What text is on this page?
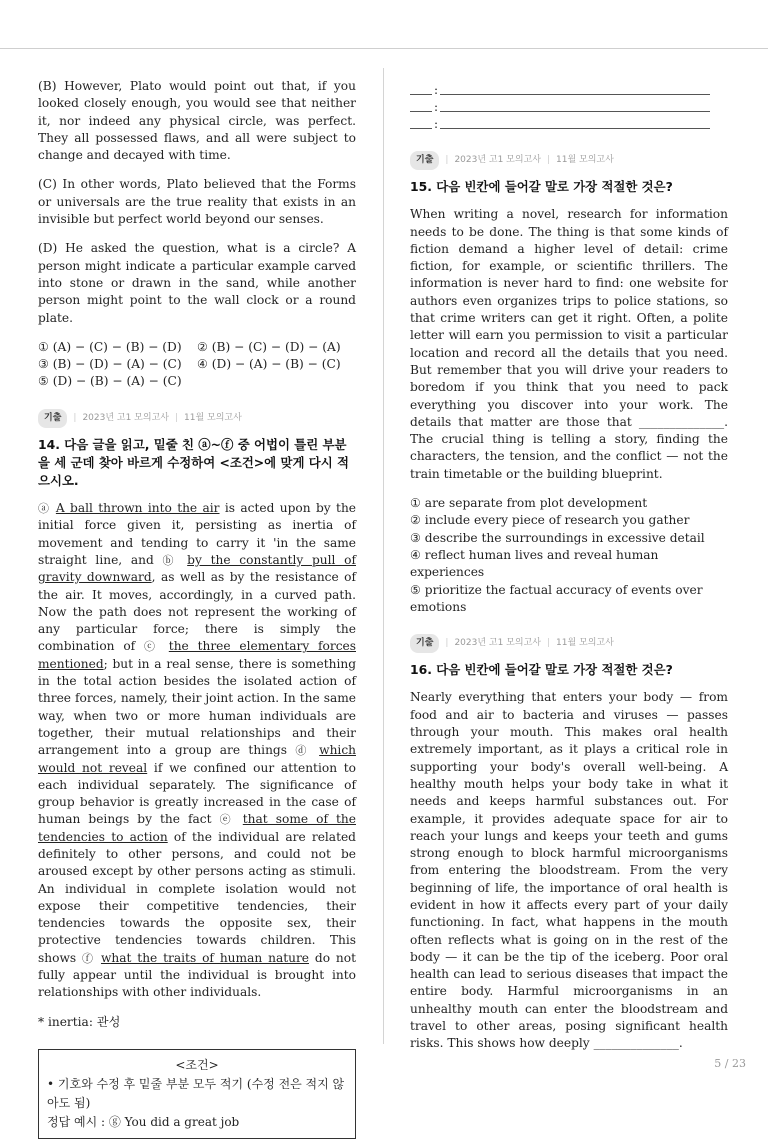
(B) However, Plato would point out that, if you looked closely enough, you would see that neither it, nor indeed any physical circle, was perfect. They all possessed flaws, and all were subject to change and decayed with time.

(C) In other words, Plato believed that the Forms or universals are the true reality that exists in an invisible but perfect world beyond our senses.

(D) He asked the question, what is a circle? A person might indicate a particular example carved into stone or drawn in the sand, while another person might point to the wall clock or a round plate.

① (A) − (C) − (B) − (D)	② (B) − (C) − (D) − (A)
③ (B) − (D) − (A) − (C)	④ (D) − (A) − (B) − (C)
⑤ (D) − (B) − (A) − (C)
기출	| 2023년 고1 모의고사 | 11월 모의고사
14. 다음 글을 읽고, 밑줄 친 ⓐ~ⓕ 중 어법이 틀린 부분을 세 군데 찾아 바르게 수정하여 <조건>에 맞게 다시 적으시오.

ⓐ A ball thrown into the air is acted upon by the initial force given it, persisting as inertia of movement and tending to carry it 'in the same straight line, and ⓑ by the constantly pull of gravity downward, as well as by the resistance of the air. It moves, accordingly, in a curved path. Now the path does not represent the working of any particular force; there is simply the combination of ⓒ the three elementary forces mentioned; but in a real sense, there is something in the total action besides the isolated action of three forces, namely, their joint action. In the same way, when two or more human individuals are together, their mutual relationships and their arrangement into a group are things ⓓ which would not reveal if we confined our attention to each individual separately. The significance of group behavior is greatly increased in the case of human beings by the fact ⓔ that some of the tendencies to action of the individual are related definitely to other persons, and could not be aroused except by other persons acting as stimuli. An individual in complete isolation would not expose their competitive tendencies, their tendencies towards the opposite sex, their protective tendencies towards children. This shows ⓕ what the traits of human nature do not fully appear until the individual is brought into relationships with other individuals.

* inertia: 관성
<조건>
• 기호와 수정 후 밑줄 부분 모두 적기 (수정 전은 적지 않아도 됨)
정답 예시 : ⓖ You did a great job
:
:
:
기출	| 2023년 고1 모의고사 | 11월 모의고사
15. 다음 빈칸에 들어갈 말로 가장 적절한 것은?

When writing a novel, research for information needs to be done. The thing is that some kinds of fiction demand a higher level of detail: crime fiction, for example, or scientific thrillers. The information is never hard to find: one website for authors even organizes trips to police stations, so that crime writers can get it right. Often, a polite letter will earn you permission to visit a particular location and record all the details that you need. But remember that you will drive your readers to boredom if you think that you need to pack everything you discover into your work. The details that matter are those that ______________. The crucial thing is telling a story, finding the characters, the tension, and the conflict — not the train timetable or the building blueprint.

① are separate from plot development
② include every piece of research you gather
③ describe the surroundings in excessive detail
④ reflect human lives and reveal human experiences
⑤ prioritize the factual accuracy of events over emotions
기출	| 2023년 고1 모의고사 | 11월 모의고사
16. 다음 빈칸에 들어갈 말로 가장 적절한 것은?

Nearly everything that enters your body — from food and air to bacteria and viruses — passes through your mouth. This makes oral health extremely important, as it plays a critical role in supporting your body's overall well-being. A healthy mouth helps your body take in what it needs and keeps harmful substances out. For example, it provides adequate space for air to reach your lungs and keeps your teeth and gums strong enough to block harmful microorganisms from entering the bloodstream. From the very beginning of life, the importance of oral health is evident in how it affects every part of your daily functioning. In fact, what happens in the mouth often reflects what is going on in the rest of the body — it can be the tip of the iceberg. Poor oral health can lead to serious diseases that impact the entire body. Harmful microorganisms in an unhealthy mouth can enter the bloodstream and travel to other areas, posing significant health risks. This shows how deeply ______________.

5 / 23
